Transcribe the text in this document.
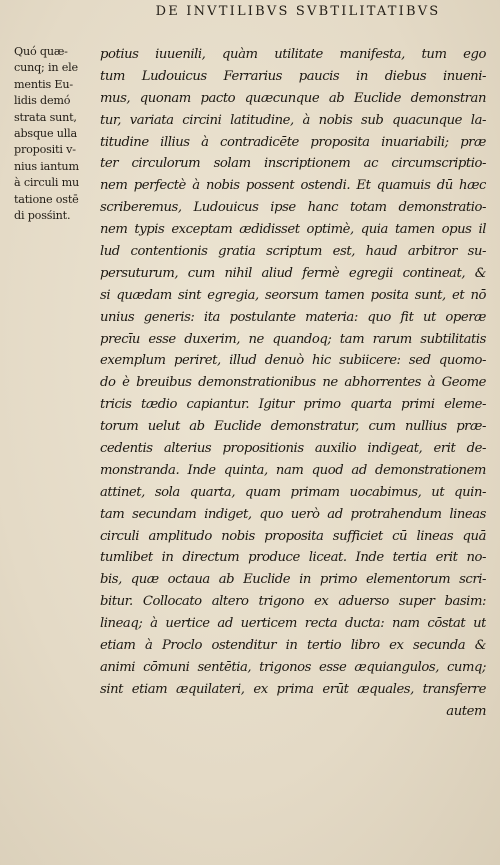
DE INVTILIBVS SVBTILITATIBVS
Quó quæ-
cunq; in ele
mentis Eu-
lidis demó
strata sunt,
absque ulla
propositi v-
nius iantum
à circuli mu
tatione ostē
di posśint.
potius iuuenili, quàm utilitate manifesta, tum ego
tum Ludouicus Ferrarius paucis in diebus inueni-
mus, quonam pacto quæcunque ab Euclide demonstran
tur, variata circini latitudine, à nobis sub quacunque la-
titudine illius à contradicēte proposita inuariabili; præ
ter circulorum solam inscriptionem ac circumscriptio-
nem perfectè à nobis possent ostendi. Et quamuis dū hæc
scriberemus, Ludouicus ipse hanc totam demonstratio-
nem typis exceptam ædidisset optimè, quia tamen opus il
lud contentionis gratia scriptum est, haud arbitror su-
persuturum, cum nihil aliud fermè egregii contineat, &
si quædam sint egregia, seorsum tamen posita sunt, et nō
unius generis: ita postulante materia: quo fit ut operæ
precīu esse duxerim, ne quandoq; tam rarum subtilitatis
exemplum periret, illud denuò hic subiicere: sed quomo-
do è breuibus demonstrationibus ne abhorrentes à Geome
tricis tædio capiantur. Igitur primo quarta primi eleme-
torum uelut ab Euclide demonstratur, cum nullius præ-
cedentis alterius propositionis auxilio indigeat, erit de-
monstranda. Inde quinta, nam quod ad demonstrationem
attinet, sola quarta, quam primam uocabimus, ut quin-
tam secundam indiget, quo uerò ad protrahendum lineas
circuli amplitudo nobis proposita sufficiet cū lineas quā
tumlibet in directum produce liceat. Inde tertia erit no-
bis, quæ octaua ab Euclide in primo elementorum scri-
bitur. Collocato altero trigono ex aduerso super basim:
lineaq; à uertice ad uerticem recta ducta: nam cōstat ut
etiam à Proclo ostenditur in tertio libro ex secunda &
animi cōmuni sentētia, trigonos esse æquiangulos, cumq;
sint etiam æquilateri, ex prima erūt æquales, transferre
autem
